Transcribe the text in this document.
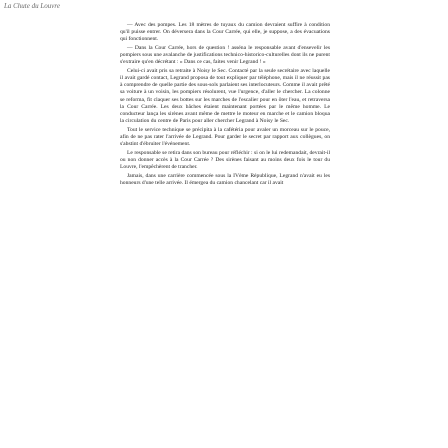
La Chute du Louvre

— Avec des pompes. Les 18 mètres de tuyaux du camion devraient suffire à condition qu'il puisse entrer. On déversera dans la Cour Carrée, qui elle, je suppose, a des évacuations qui fonctionnent.

— Dans la Cour Carrée, hors de question ! asséna le responsable avant d'ensevelir les pompiers sous une avalanche de justifications technico-historico-culturelles dont ils ne purent s'extraire qu'en décrétant : « Dans ce cas, faites venir Legrand ! »

Celui-ci avait pris sa retraite à Noisy le Sec. Contacté par la seule secrétaire avec laquelle il avait gardé contact, Legrand proposa de tout expliquer par téléphone, mais il ne réussit pas à comprendre de quelle partie des sous-sols parlaient ses interlocuteurs. Comme il avait prêté sa voiture à un voisin, les pompiers résolurent, vue l'urgence, d'aller le chercher. La colonne se reforma, fit claquer ses bottes sur les marches de l'escalier pour en ôter l'eau, et retraversa la Cour Carrée. Les deux bâches étaient maintenant portées par le même homme. Le conducteur lança les sirènes avant même de mettre le moteur en marche et le camion bloqua la circulation du centre de Paris pour aller chercher Legrand à Noisy le Sec.

Tout le service technique se précipita à la cafétéria pour avaler un morceau sur le pouce, afin de ne pas rater l'arrivée de Legrand. Pour garder le secret par rapport aux collègues, on s'abstint d'ébruiter l'événement.

Le responsable se retira dans son bureau pour réfléchir : si on le lui redemandait, devrait-il ou non donner accès à la Cour Carrée ? Des sirènes faisant au moins deux fois le tour du Louvre, l'empêchèrent de trancher.

Jamais, dans une carrière commencée sous la IVème République, Legrand n'avait eu les honneurs d'une telle arrivée. Il émergea du camion chancelant car il avait
